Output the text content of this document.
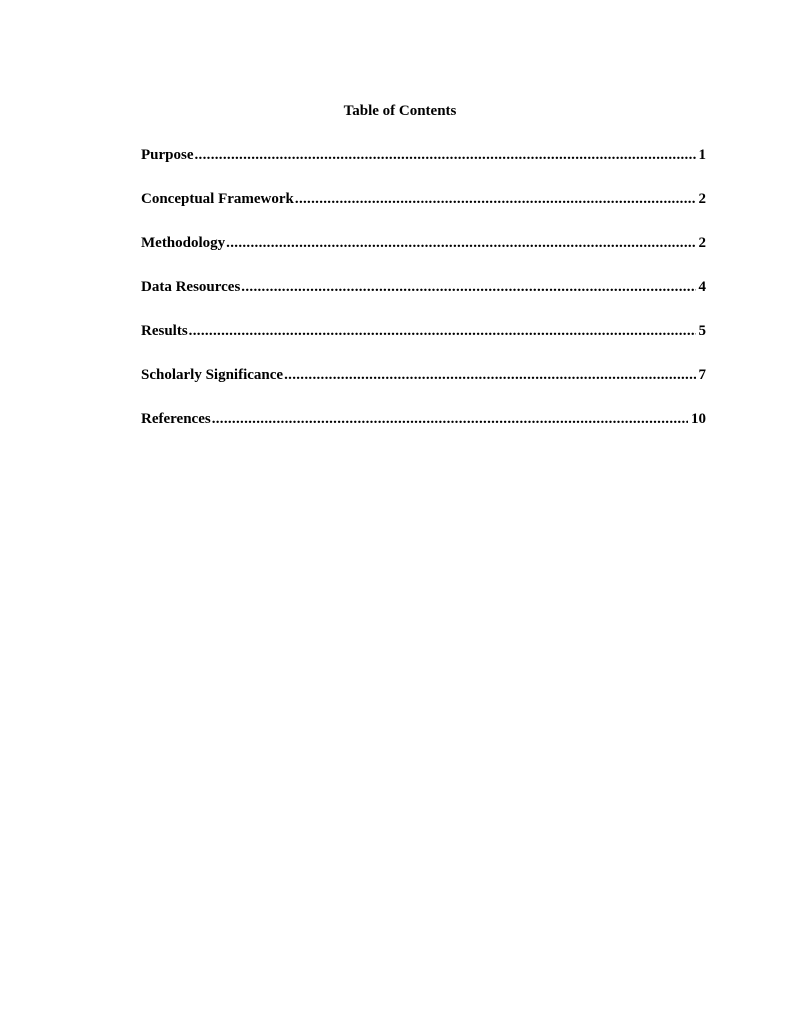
Table of Contents
Purpose .....	1
Conceptual Framework .....	2
Methodology .....	2
Data Resources .....	4
Results .....	5
Scholarly Significance .....	7
References .....	10
